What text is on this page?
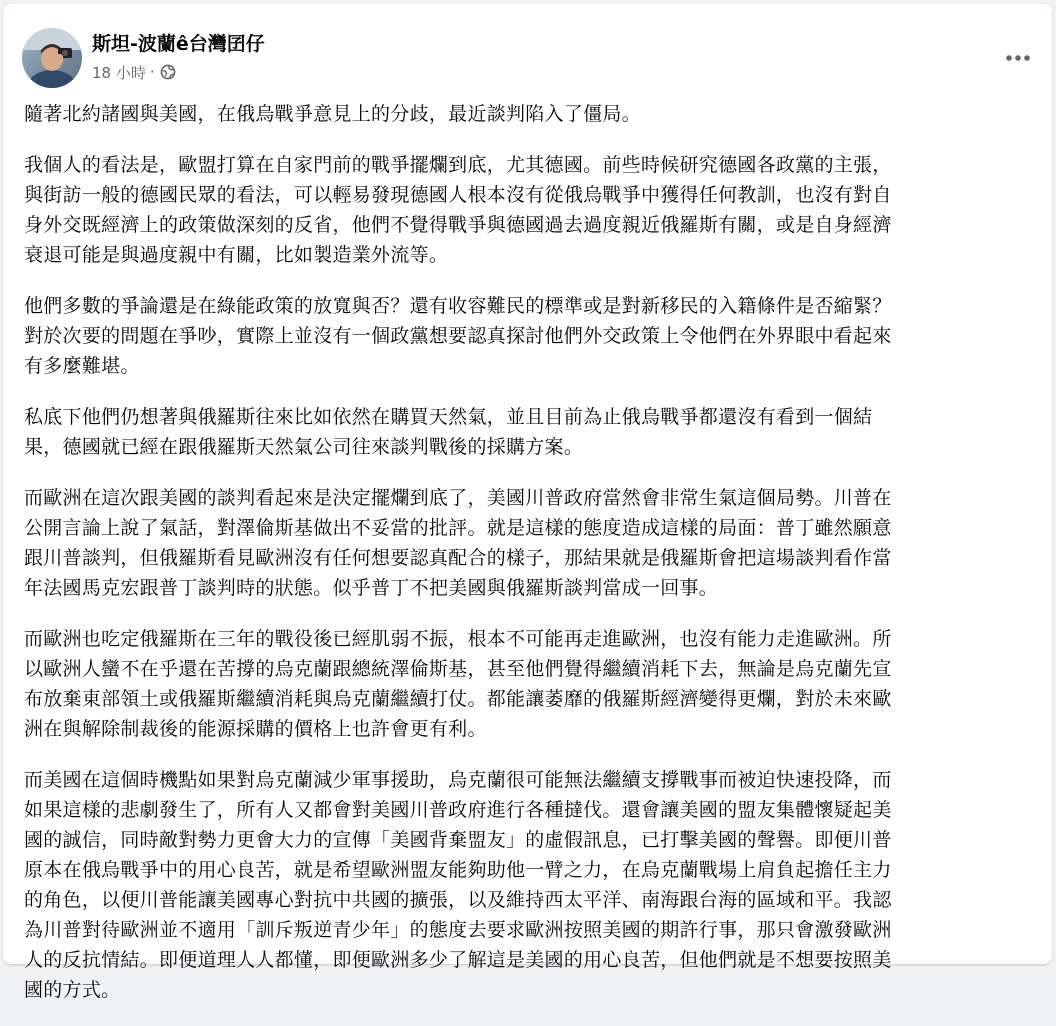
斯坦-波蘭ê台灣囝仔
18 小時 ·

隨著北約諸國與美國，在俄烏戰爭意見上的分歧，最近談判陷入了僵局。

我個人的看法是，歐盟打算在自家門前的戰爭擺爛到底，尤其德國。前些時候研究德國各政黨的主張，
與街訪一般的德國民眾的看法，可以輕易發現德國人根本沒有從俄烏戰爭中獲得任何教訓，也沒有對自
身外交既經濟上的政策做深刻的反省，他們不覺得戰爭與德國過去過度親近俄羅斯有關，或是自身經濟
衰退可能是與過度親中有關，比如製造業外流等。

他們多數的爭論還是在綠能政策的放寬與否？還有收容難民的標準或是對新移民的入籍條件是否縮緊？
對於次要的問題在爭吵，實際上並沒有一個政黨想要認真探討他們外交政策上令他們在外界眼中看起來
有多麼難堪。

私底下他們仍想著與俄羅斯往來比如依然在購買天然氣，並且目前為止俄烏戰爭都還沒有看到一個結
果，德國就已經在跟俄羅斯天然氣公司往來談判戰後的採購方案。

而歐洲在這次跟美國的談判看起來是決定擺爛到底了，美國川普政府當然會非常生氣這個局勢。川普在
公開言論上說了氣話，對澤倫斯基做出不妥當的批評。就是這樣的態度造成這樣的局面：普丁雖然願意
跟川普談判，但俄羅斯看見歐洲沒有任何想要認真配合的樣子，那結果就是俄羅斯會把這場談判看作當
年法國馬克宏跟普丁談判時的狀態。似乎普丁不把美國與俄羅斯談判當成一回事。

而歐洲也吃定俄羅斯在三年的戰役後已經肌弱不振，根本不可能再走進歐洲，也沒有能力走進歐洲。所
以歐洲人蠻不在乎還在苦撐的烏克蘭跟總統澤倫斯基，甚至他們覺得繼續消耗下去，無論是烏克蘭先宣
布放棄東部領土或俄羅斯繼續消耗與烏克蘭繼續打仗。都能讓萎靡的俄羅斯經濟變得更爛，對於未來歐
洲在與解除制裁後的能源採購的價格上也許會更有利。

而美國在這個時機點如果對烏克蘭減少軍事援助，烏克蘭很可能無法繼續支撐戰事而被迫快速投降，而
如果這樣的悲劇發生了，所有人又都會對美國川普政府進行各種撻伐。還會讓美國的盟友集體懷疑起美
國的誠信，同時敵對勢力更會大力的宣傳「美國背棄盟友」的虛假訊息，已打擊美國的聲譽。即便川普
原本在俄烏戰爭中的用心良苦，就是希望歐洲盟友能夠助他一臂之力，在烏克蘭戰場上肩負起擔任主力
的角色，以便川普能讓美國專心對抗中共國的擴張，以及維持西太平洋、南海跟台海的區域和平。我認
為川普對待歐洲並不適用「訓斥叛逆青少年」的態度去要求歐洲按照美國的期許行事，那只會激發歐洲
人的反抗情結。即便道理人人都懂，即便歐洲多少了解這是美國的用心良苦，但他們就是不想要按照美
國的方式。
